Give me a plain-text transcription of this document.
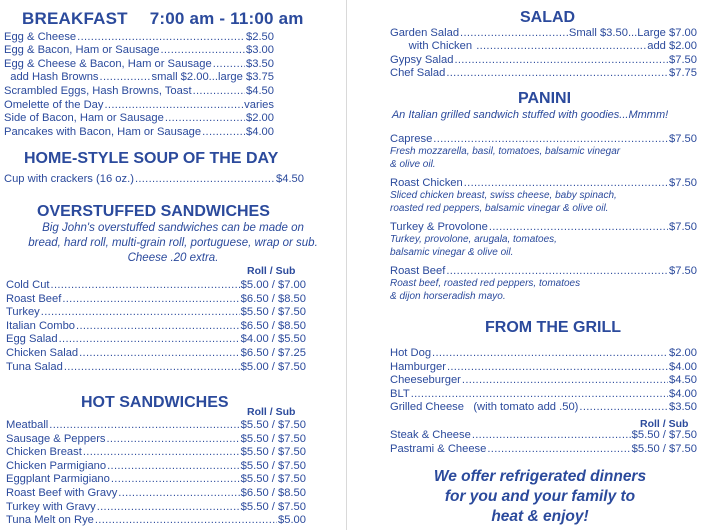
BREAKFAST 7:00 am - 11:00 am
Egg & Cheese .....	$2.50
Egg & Bacon, Ham or Sausage .....	$3.00
Egg & Cheese & Bacon, Ham or Sausage .....	$3.50
add Hash Browns .....	small $2.00...large $3.75
Scrambled Eggs, Hash Browns, Toast .....	$4.50
Omelette of the Day .....	varies
Side of Bacon, Ham or Sausage .....	$2.00
Pancakes with Bacon, Ham or Sausage .....	$4.00
HOME-STYLE SOUP OF THE DAY
Cup with crackers (16 oz.) .....	$4.50
OVERSTUFFED SANDWICHES
Big John's overstuffed sandwiches can be made on
bread, hard roll, multi-grain roll, portuguese, wrap or sub.
Cheese .20 extra.
Roll / Sub
Cold Cut .....	$5.00 / $7.00
Roast Beef .....	$6.50 / $8.50
Turkey .....	$5.50 / $7.50
Italian Combo .....	$6.50 / $8.50
Egg Salad .....	$4.00 / $5.50
Chicken Salad .....	$6.50 / $7.25
Tuna Salad .....	$5.00 / $7.50
HOT SANDWICHES
Roll / Sub
Meatball .....	$5.50 / $7.50
Sausage & Peppers .....	$5.50 / $7.50
Chicken Breast .....	$5.50 / $7.50
Chicken Parmigiano .....	$5.50 / $7.50
Eggplant Parmigiano .....	$5.50 / $7.50
Roast Beef with Gravy .....	$6.50 / $8.50
Turkey with Gravy .....	$5.50 / $7.50
Tuna Melt on Rye .....	$5.00
SALAD
Garden Salad .....	Small $3.50...Large $7.00
with Chicken .....	add $2.00
Gypsy Salad .....	$7.50
Chef Salad .....	$7.75
PANINI
An Italian grilled sandwich stuffed with goodies...Mmmm!
Caprese .....	$7.50
Fresh mozzarella, basil, tomatoes, balsamic vinegar
& olive oil.
Roast Chicken .....	$7.50
Sliced chicken breast, swiss cheese, baby spinach,
roasted red peppers, balsamic vinegar & olive oil.
Turkey & Provolone .....	$7.50
Turkey, provolone, arugala, tomatoes,
balsamic vinegar & olive oil.
Roast Beef .....	$7.50
Roast beef, roasted red peppers, tomatoes
& dijon horseradish mayo.
FROM THE GRILL
Hot Dog .....	$2.00
Hamburger .....	$4.00
Cheeseburger .....	$4.50
BLT .....	$4.00
Grilled Cheese   (with tomato add .50) .....	$3.50
Roll / Sub
Steak & Cheese .....	$5.50 / $7.50
Pastrami & Cheese .....	$5.50 / $7.50
We offer refrigerated dinners
for you and your family to
heat & enjoy!
